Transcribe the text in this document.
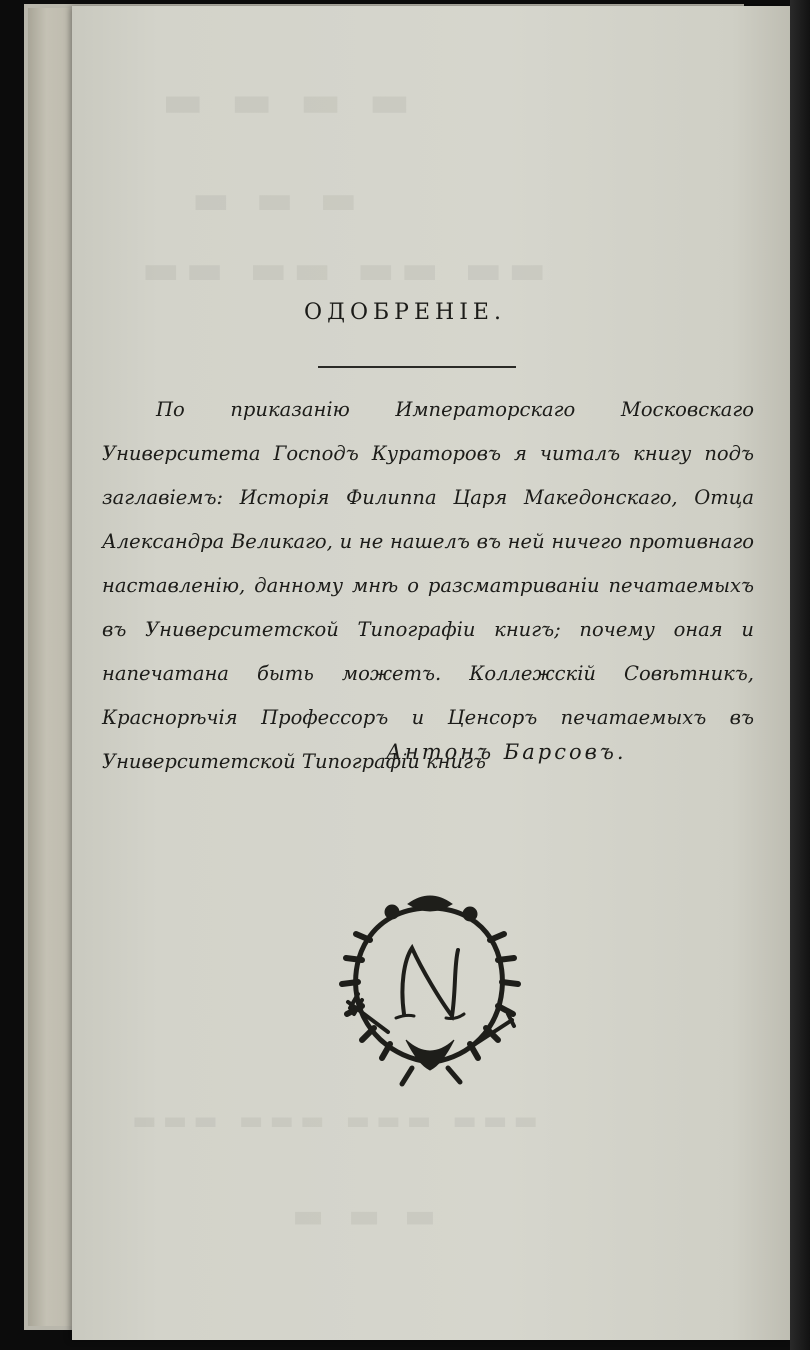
▬ ▬ ▬ ▬
▬ ▬ ▬
▬▬ ▬▬ ▬▬ ▬▬
▬▬▬ ▬▬▬ ▬▬▬ ▬▬▬
▬ ▬ ▬
ОДОБРЕНІЕ.
По приказанію Императорскаго Московскаго Университета Господъ Кураторовъ я читалъ книгу подъ заглавіемъ: Исторія Филиппа Царя Македонскаго, Отца Александра Великаго, и не нашелъ въ ней ничего противнаго наставленію, данному мнѣ о разсматриваніи печатаемыхъ въ Университетской Типографіи книгъ; почему оная и напечатана быть можетъ. Коллежскій Совѣтникъ, Краснорѣчія Профессоръ и Ценсоръ печатаемыхъ въ Университетской Типографіи книгъ
Антонъ Барсовъ.
